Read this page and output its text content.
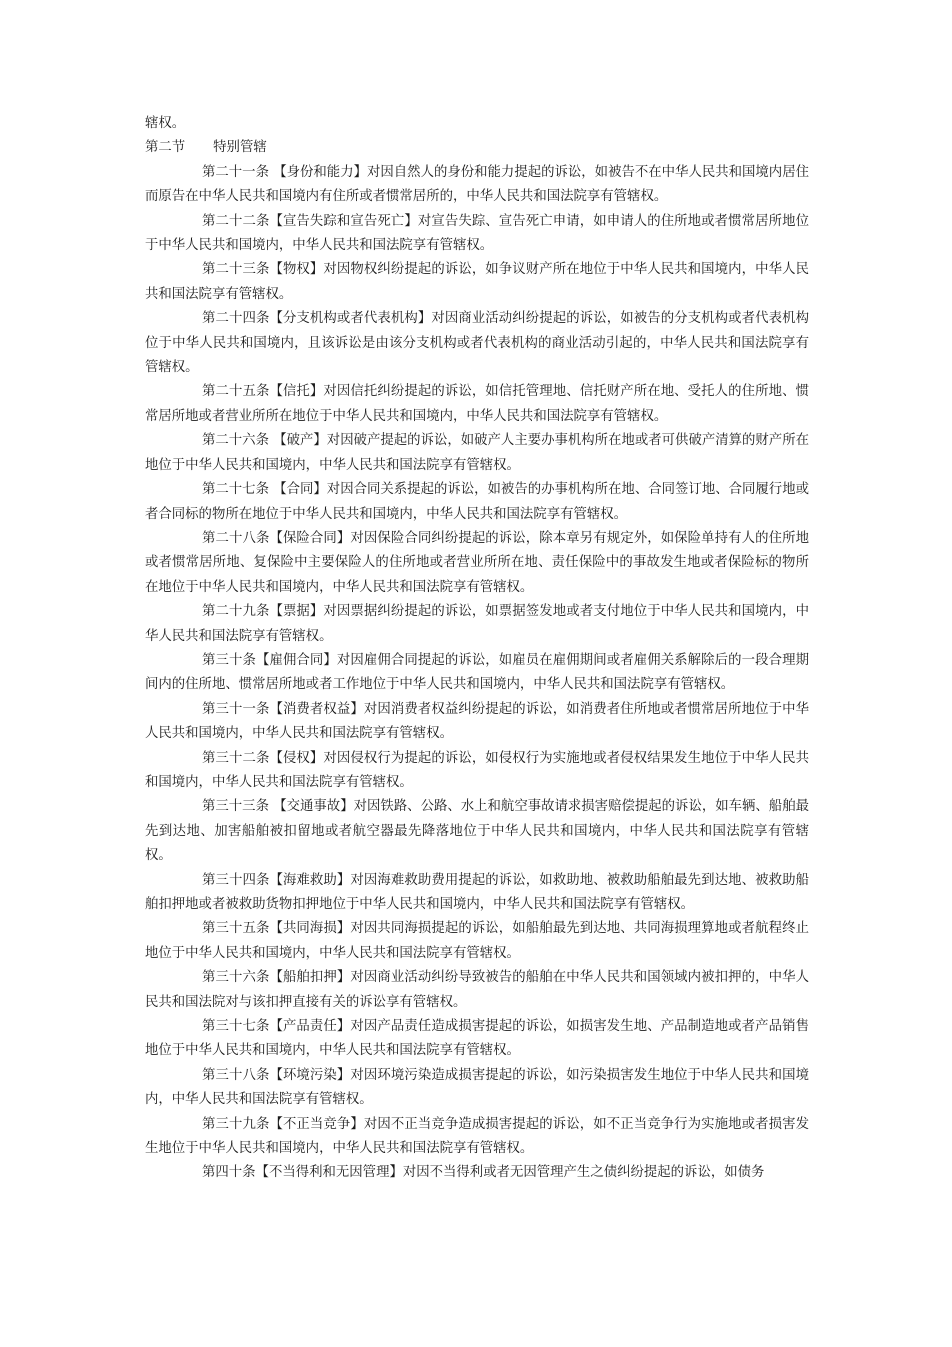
辖权。

第二节 特别管辖

第二十一条 【身份和能力】对因自然人的身份和能力提起的诉讼，如被告不在中华人民共和国境内居住而原告在中华人民共和国境内有住所或者惯常居所的，中华人民共和国法院享有管辖权。

第二十二条【宣告失踪和宣告死亡】对宣告失踪、宣告死亡申请，如申请人的住所地或者惯常居所地位于中华人民共和国境内，中华人民共和国法院享有管辖权。

第二十三条【物权】对因物权纠纷提起的诉讼，如争议财产所在地位于中华人民共和国境内，中华人民共和国法院享有管辖权。

第二十四条【分支机构或者代表机构】对因商业活动纠纷提起的诉讼，如被告的分支机构或者代表机构位于中华人民共和国境内，且该诉讼是由该分支机构或者代表机构的商业活动引起的，中华人民共和国法院享有管辖权。

第二十五条【信托】对因信托纠纷提起的诉讼，如信托管理地、信托财产所在地、受托人的住所地、惯常居所地或者营业所所在地位于中华人民共和国境内，中华人民共和国法院享有管辖权。

第二十六条 【破产】对因破产提起的诉讼，如破产人主要办事机构所在地或者可供破产清算的财产所在地位于中华人民共和国境内，中华人民共和国法院享有管辖权。

第二十七条 【合同】对因合同关系提起的诉讼，如被告的办事机构所在地、合同签订地、合同履行地或者合同标的物所在地位于中华人民共和国境内，中华人民共和国法院享有管辖权。

第二十八条【保险合同】对因保险合同纠纷提起的诉讼，除本章另有规定外，如保险单持有人的住所地或者惯常居所地、复保险中主要保险人的住所地或者营业所所在地、责任保险中的事故发生地或者保险标的物所在地位于中华人民共和国境内，中华人民共和国法院享有管辖权。

第二十九条【票据】对因票据纠纷提起的诉讼，如票据签发地或者支付地位于中华人民共和国境内，中华人民共和国法院享有管辖权。

第三十条【雇佣合同】对因雇佣合同提起的诉讼，如雇员在雇佣期间或者雇佣关系解除后的一段合理期间内的住所地、惯常居所地或者工作地位于中华人民共和国境内，中华人民共和国法院享有管辖权。

第三十一条【消费者权益】对因消费者权益纠纷提起的诉讼，如消费者住所地或者惯常居所地位于中华人民共和国境内，中华人民共和国法院享有管辖权。

第三十二条【侵权】对因侵权行为提起的诉讼，如侵权行为实施地或者侵权结果发生地位于中华人民共和国境内，中华人民共和国法院享有管辖权。

第三十三条 【交通事故】对因铁路、公路、水上和航空事故请求损害赔偿提起的诉讼，如车辆、船舶最先到达地、加害船舶被扣留地或者航空器最先降落地位于中华人民共和国境内，中华人民共和国法院享有管辖权。

第三十四条【海难救助】对因海难救助费用提起的诉讼，如救助地、被救助船舶最先到达地、被救助船舶扣押地或者被救助货物扣押地位于中华人民共和国境内，中华人民共和国法院享有管辖权。

第三十五条【共同海损】对因共同海损提起的诉讼，如船舶最先到达地、共同海损理算地或者航程终止地位于中华人民共和国境内，中华人民共和国法院享有管辖权。

第三十六条【船舶扣押】对因商业活动纠纷导致被告的船舶在中华人民共和国领域内被扣押的，中华人民共和国法院对与该扣押直接有关的诉讼享有管辖权。

第三十七条【产品责任】对因产品责任造成损害提起的诉讼，如损害发生地、产品制造地或者产品销售地位于中华人民共和国境内，中华人民共和国法院享有管辖权。

第三十八条【环境污染】对因环境污染造成损害提起的诉讼，如污染损害发生地位于中华人民共和国境内，中华人民共和国法院享有管辖权。

第三十九条【不正当竞争】对因不正当竞争造成损害提起的诉讼，如不正当竞争行为实施地或者损害发生地位于中华人民共和国境内，中华人民共和国法院享有管辖权。

第四十条【不当得利和无因管理】对因不当得利或者无因管理产生之债纠纷提起的诉讼，如债务
